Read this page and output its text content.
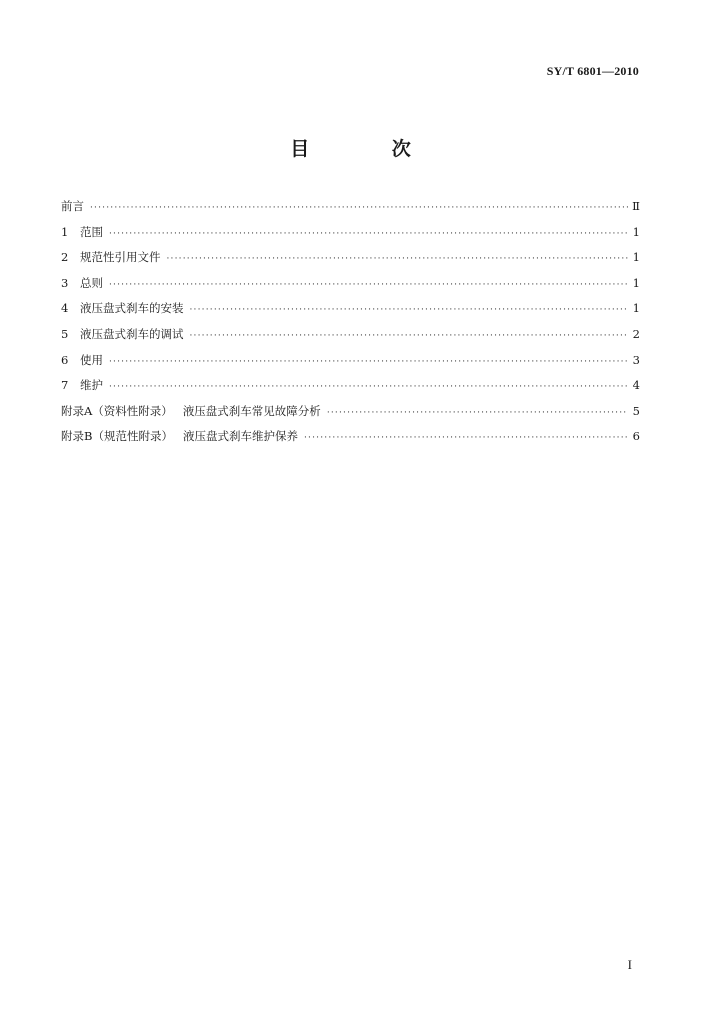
SY/T 6801—2010
目 次
前言 ·····	Ⅱ
1	范围 ·····	1
2	规范性引用文件 ·····	1
3	总则 ·····	1
4	液压盘式刹车的安装 ·····	1
5	液压盘式刹车的调试 ·····	2
6	使用 ·····	3
7	维护 ·····	4
附录A（资料性附录） 液压盘式刹车常见故障分析 ·····	5
附录B（规范性附录） 液压盘式刹车维护保养 ·····	6
I
